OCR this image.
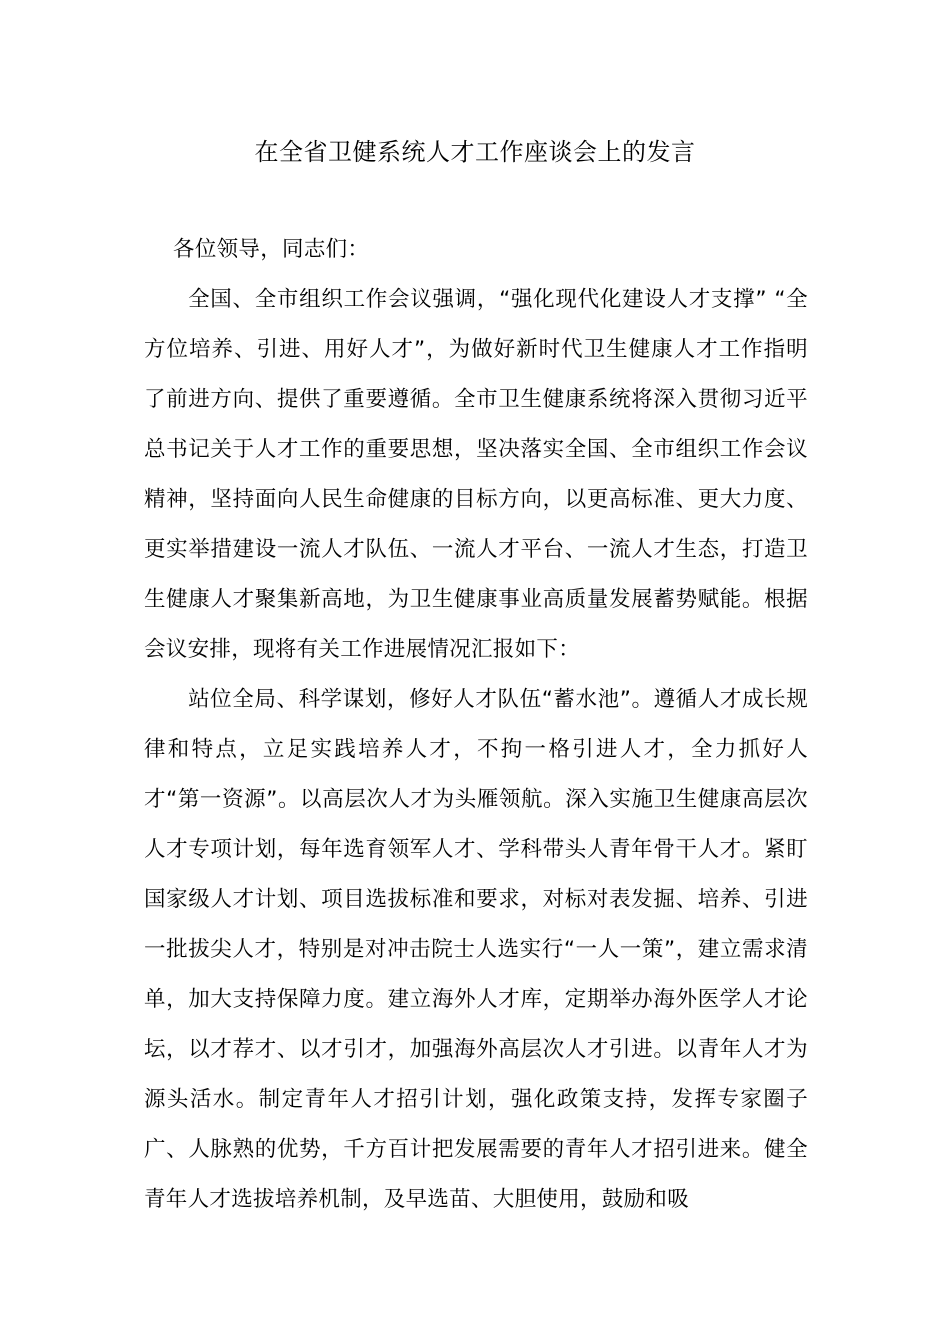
在全省卫健系统人才工作座谈会上的发言

各位领导，同志们：

全国、全市组织工作会议强调，“强化现代化建设人才支撑” “全方位培养、引进、用好人才”，为做好新时代卫生健康人才工作指明了前进方向、提供了重要遵循。全市卫生健康系统将深入贯彻习近平总书记关于人才工作的重要思想，坚决落实全国、全市组织工作会议精神，坚持面向人民生命健康的目标方向，以更高标准、更大力度、更实举措建设一流人才队伍、一流人才平台、一流人才生态，打造卫生健康人才聚集新高地，为卫生健康事业高质量发展蓄势赋能。根据会议安排，现将有关工作进展情况汇报如下：

站位全局、科学谋划，修好人才队伍“蓄水池”。遵循人才成长规律和特点，立足实践培养人才，不拘一格引进人才，全力抓好人才“第一资源”。以高层次人才为头雁领航。深入实施卫生健康高层次人才专项计划，每年选育领军人才、学科带头人青年骨干人才。紧盯国家级人才计划、项目选拔标准和要求，对标对表发掘、培养、引进一批拔尖人才，特别是对冲击院士人选实行“一人一策”，建立需求清单，加大支持保障力度。建立海外人才库，定期举办海外医学人才论坛，以才荐才、以才引才，加强海外高层次人才引进。以青年人才为源头活水。制定青年人才招引计划，强化政策支持，发挥专家圈子广、人脉熟的优势，千方百计把发展需要的青年人才招引进来。健全青年人才选拔培养机制，及早选苗、大胆使用，鼓励和吸
